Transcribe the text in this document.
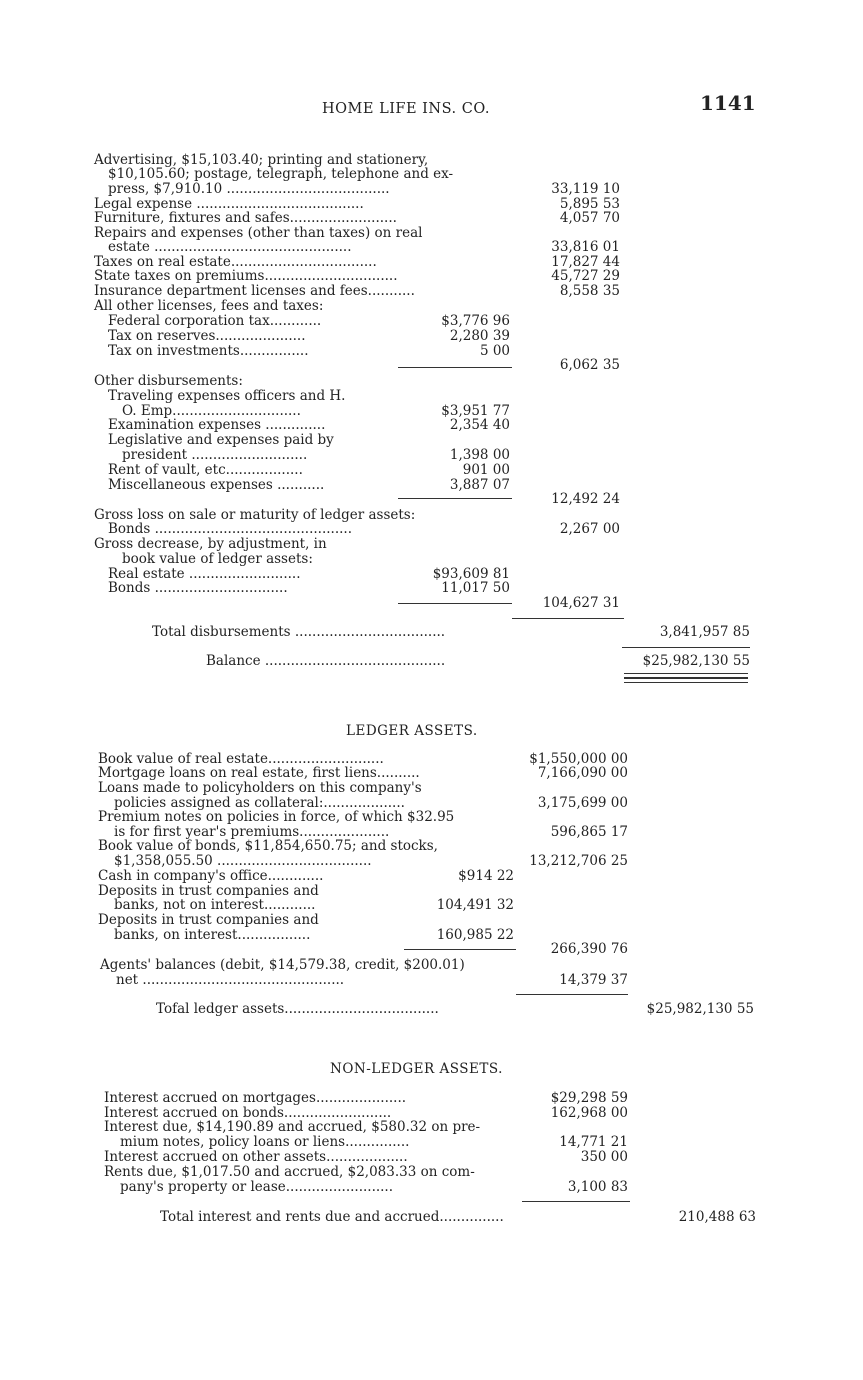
HOME LIFE INS. CO.	1141
Advertising, $15,103.40; printing and stationery,
$10,105.60; postage, telegraph, telephone and ex-
press, $7,910.10 ......................................	33,119 10
Legal expense .......................................	5,895 53
Furniture, fixtures and safes.........................	4,057 70
Repairs and expenses (other than taxes) on real
estate ..............................................	33,816 01
Taxes on real estate..................................	17,827 44
State taxes on premiums...............................	45,727 29
Insurance department licenses and fees...........	8,558 35
All other licenses, fees and taxes:
Federal corporation tax............	$3,776 96
Tax on reserves.....................	2,280 39
Tax on investments................	5 00
6,062 35
Other disbursements:
Traveling expenses officers and H.
O. Emp..............................	$3,951 77
Examination expenses ..............	2,354 40
Legislative and expenses paid by
president ...........................	1,398 00
Rent of vault, etc..................	901 00
Miscellaneous expenses ...........	3,887 07
12,492 24
Gross loss on sale or maturity of ledger assets:
Bonds ..............................................	2,267 00
Gross decrease, by adjustment, in
book value of ledger assets:
Real estate ..........................	$93,609 81
Bonds ...............................	11,017 50
104,627 31
Total disbursements ...................................	3,841,957 85
Balance ..........................................	$25,982,130 55
LEDGER ASSETS.
Book value of real estate...........................	$1,550,000 00
Mortgage loans on real estate, first liens..........	7,166,090 00
Loans made to policyholders on this company's
policies assigned as collateral:...................	3,175,699 00
Premium notes on policies in force, of which $32.95
is for first year's premiums.....................	596,865 17
Book value of bonds, $11,854,650.75; and stocks,
$1,358,055.50 ....................................	13,212,706 25
Cash in company's office.............	$914 22
Deposits in trust companies and
banks, not on interest............	104,491 32
Deposits in trust companies and
banks, on interest.................	160,985 22
266,390 76
Agents' balances (debit, $14,579.38, credit, $200.01)
net ...............................................	14,379 37
Tofal ledger assets....................................	$25,982,130 55
NON-LEDGER ASSETS.
Interest accrued on mortgages.....................	$29,298 59
Interest accrued on bonds.........................	162,968 00
Interest due, $14,190.89 and accrued, $580.32 on pre-
mium notes, policy loans or liens...............	14,771 21
Interest accrued on other assets...................	350 00
Rents due, $1,017.50 and accrued, $2,083.33 on com-
pany's property or lease.........................	3,100 83
Total interest and rents due and accrued...............	210,488 63
